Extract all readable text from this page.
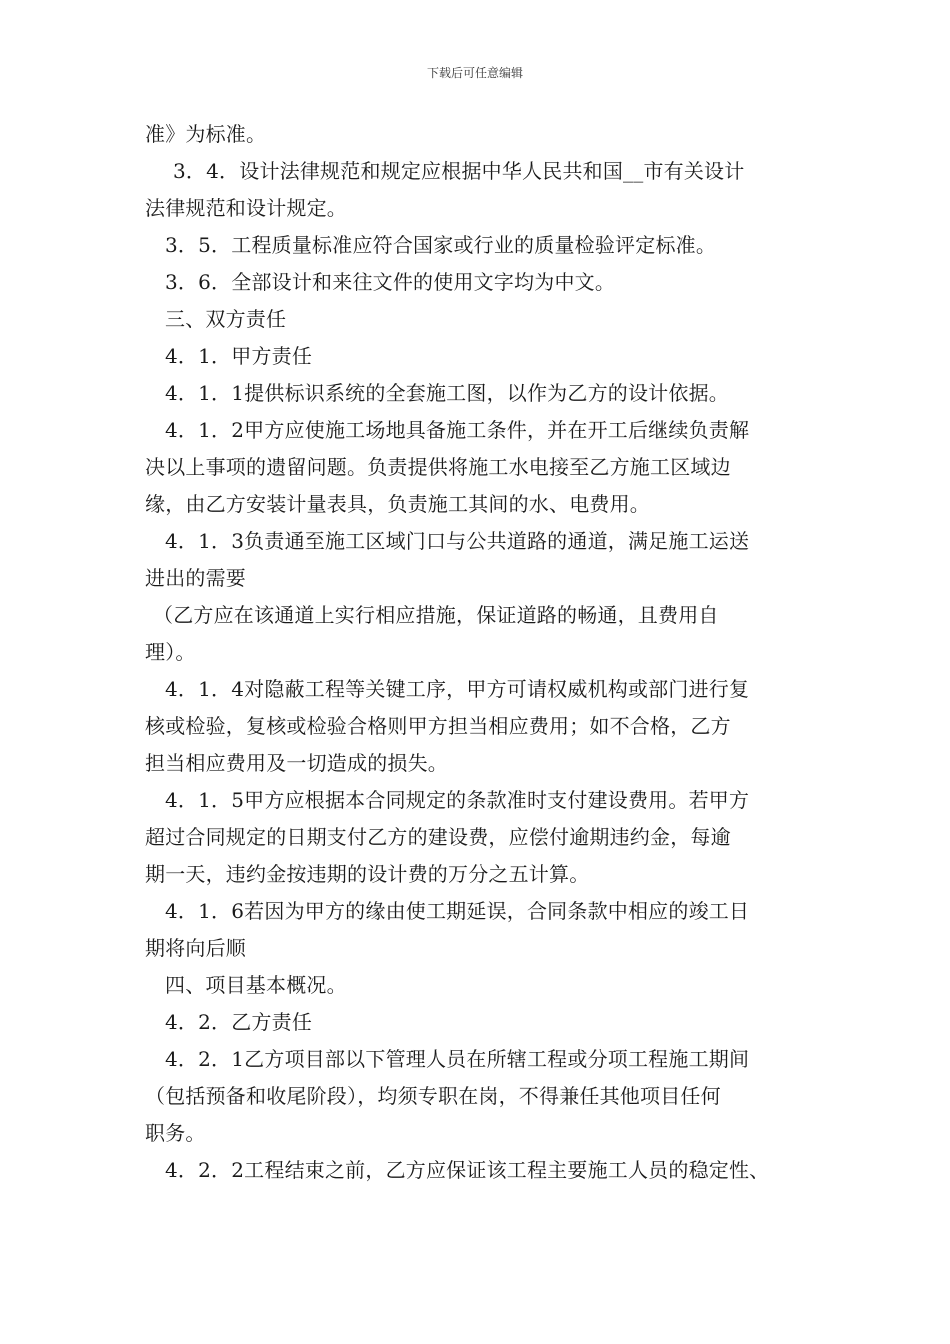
下载后可任意编辑
准》为标准。
3．4．设计法律规范和规定应根据中华人民共和国__市有关设计
法律规范和设计规定。
3．5．工程质量标准应符合国家或行业的质量检验评定标准。
3．6．全部设计和来往文件的使用文字均为中文。
三、双方责任
4．1．甲方责任
4．1．1提供标识系统的全套施工图，以作为乙方的设计依据。
4．1．2甲方应使施工场地具备施工条件，并在开工后继续负责解
决以上事项的遗留问题。负责提供将施工水电接至乙方施工区域边
缘，由乙方安装计量表具，负责施工其间的水、电费用。
4．1．3负责通至施工区域门口与公共道路的通道，满足施工运送
进出的需要
（乙方应在该通道上实行相应措施，保证道路的畅通，且费用自
理）。
4．1．4对隐蔽工程等关键工序，甲方可请权威机构或部门进行复
核或检验，复核或检验合格则甲方担当相应费用；如不合格，乙方
担当相应费用及一切造成的损失。
4．1．5甲方应根据本合同规定的条款准时支付建设费用。若甲方
超过合同规定的日期支付乙方的建设费，应偿付逾期违约金，每逾
期一天，违约金按违期的设计费的万分之五计算。
4．1．6若因为甲方的缘由使工期延误，合同条款中相应的竣工日
期将向后顺
四、项目基本概况。
4．2．乙方责任
4．2．1乙方项目部以下管理人员在所辖工程或分项工程施工期间
（包括预备和收尾阶段），均须专职在岗，不得兼任其他项目任何
职务。
4．2．2工程结束之前，乙方应保证该工程主要施工人员的稳定性、
